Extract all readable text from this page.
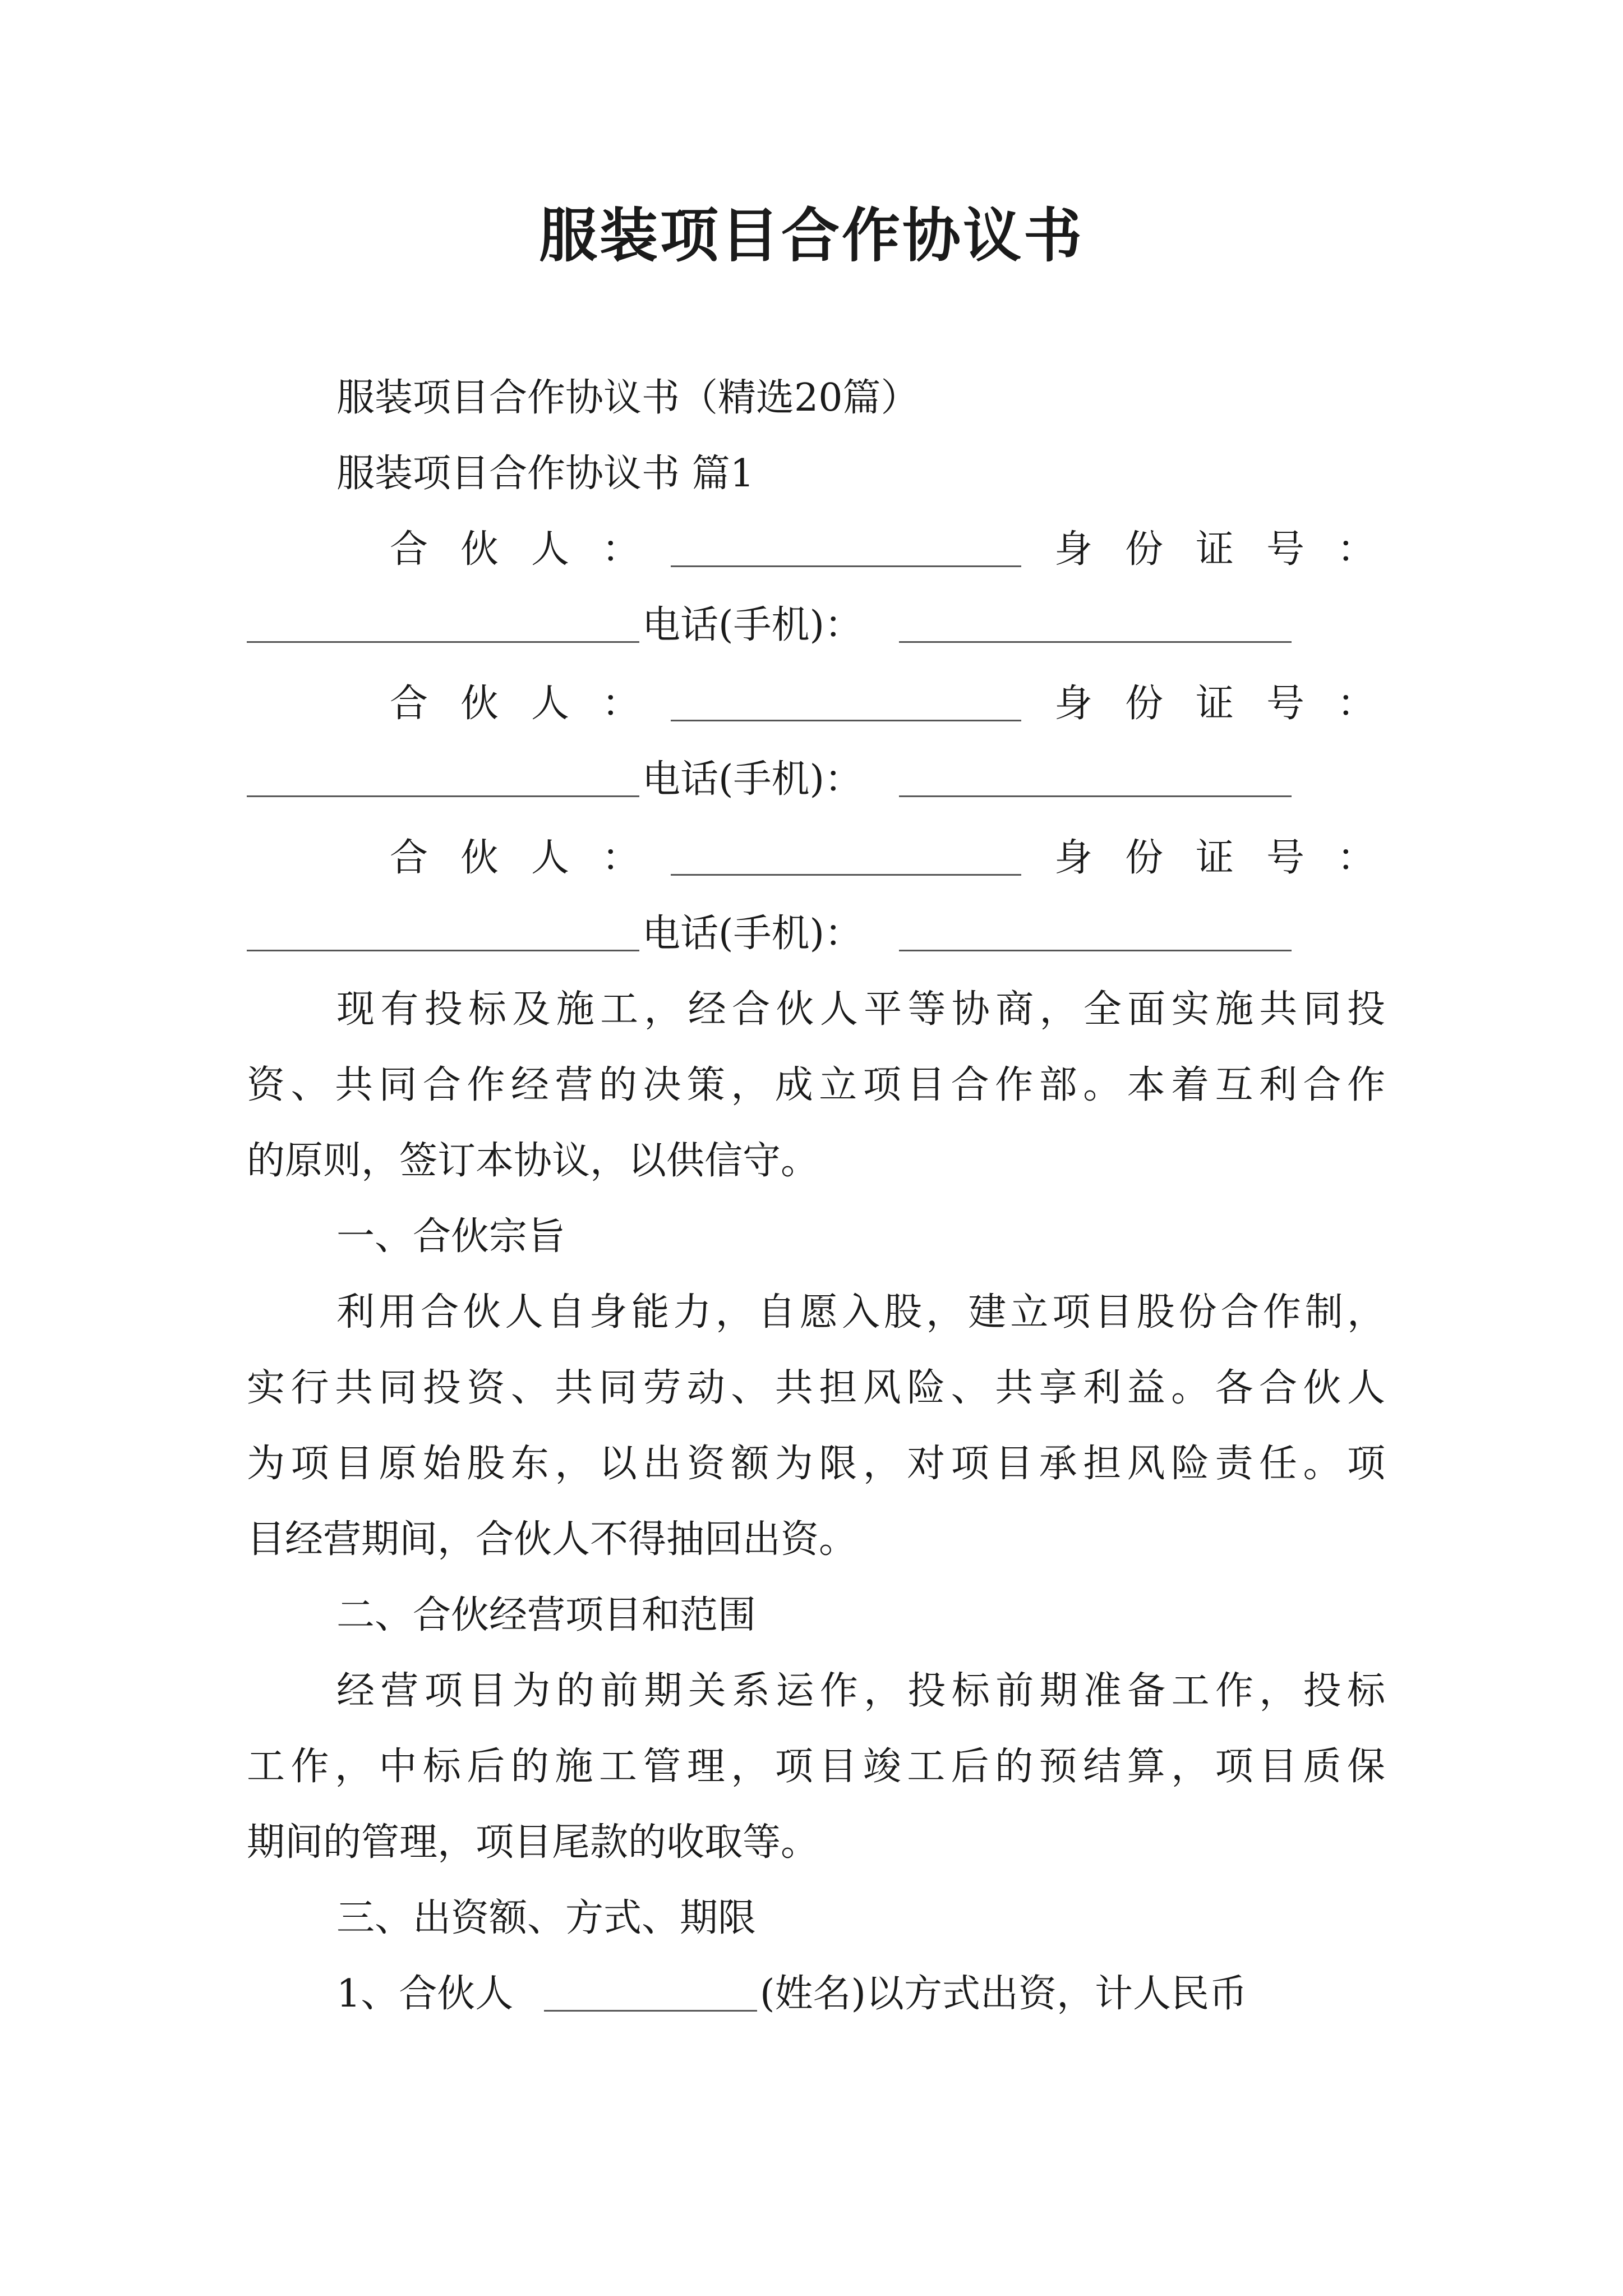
服装项目合作协议书
服装项目合作协议书（精选20篇）
服装项目合作协议书 篇1
合伙人：	身份证号：
电话(手机)：
合伙人：	身份证号：
电话(手机)：
合伙人：	身份证号：
电话(手机)：
现有投标及施工，经合伙人平等协商，全面实施共同投
资、共同合作经营的决策，成立项目合作部。本着互利合作
的原则，签订本协议，以供信守。
一、合伙宗旨
利用合伙人自身能力，自愿入股，建立项目股份合作制，
实行共同投资、共同劳动、共担风险、共享利益。各合伙人
为项目原始股东，以出资额为限，对项目承担风险责任。项
目经营期间，合伙人不得抽回出资。
二、合伙经营项目和范围
经营项目为的前期关系运作，投标前期准备工作，投标
工作，中标后的施工管理，项目竣工后的预结算，项目质保
期间的管理，项目尾款的收取等。
三、出资额、方式、期限
1、合伙人	(姓名)以方式出资，计人民币
